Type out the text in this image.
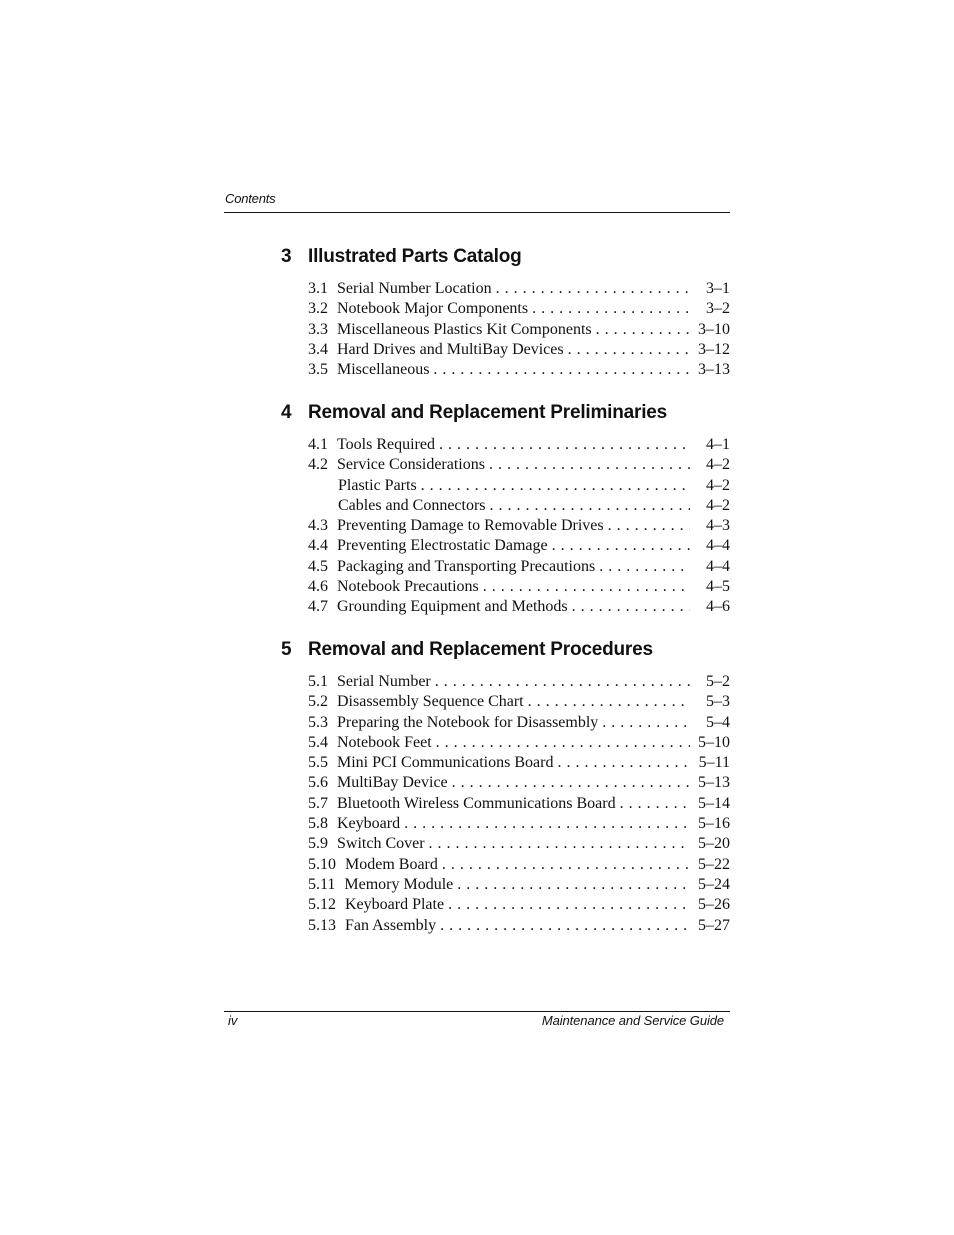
Contents
3 Illustrated Parts Catalog
3.1 Serial Number Location . . .	3–1
3.2 Notebook Major Components . . .	3–2
3.3 Miscellaneous Plastics Kit Components . . .	3–10
3.4 Hard Drives and MultiBay Devices . . .	3–12
3.5 Miscellaneous . . .	3–13
4 Removal and Replacement Preliminaries
4.1 Tools Required . . .	4–1
4.2 Service Considerations . . .	4–2
Plastic Parts . . .	4–2
Cables and Connectors . . .	4–2
4.3 Preventing Damage to Removable Drives . . .	4–3
4.4 Preventing Electrostatic Damage . . .	4–4
4.5 Packaging and Transporting Precautions . . .	4–4
4.6 Notebook Precautions . . .	4–5
4.7 Grounding Equipment and Methods . . .	4–6
5 Removal and Replacement Procedures
5.1 Serial Number . . .	5–2
5.2 Disassembly Sequence Chart . . .	5–3
5.3 Preparing the Notebook for Disassembly . . .	5–4
5.4 Notebook Feet . . .	5–10
5.5 Mini PCI Communications Board . . .	5–11
5.6 MultiBay Device . . .	5–13
5.7 Bluetooth Wireless Communications Board . . .	5–14
5.8 Keyboard . . .	5–16
5.9 Switch Cover . . .	5–20
5.10 Modem Board . . .	5–22
5.11 Memory Module . . .	5–24
5.12 Keyboard Plate . . .	5–26
5.13 Fan Assembly . . .	5–27
iv	Maintenance and Service Guide
